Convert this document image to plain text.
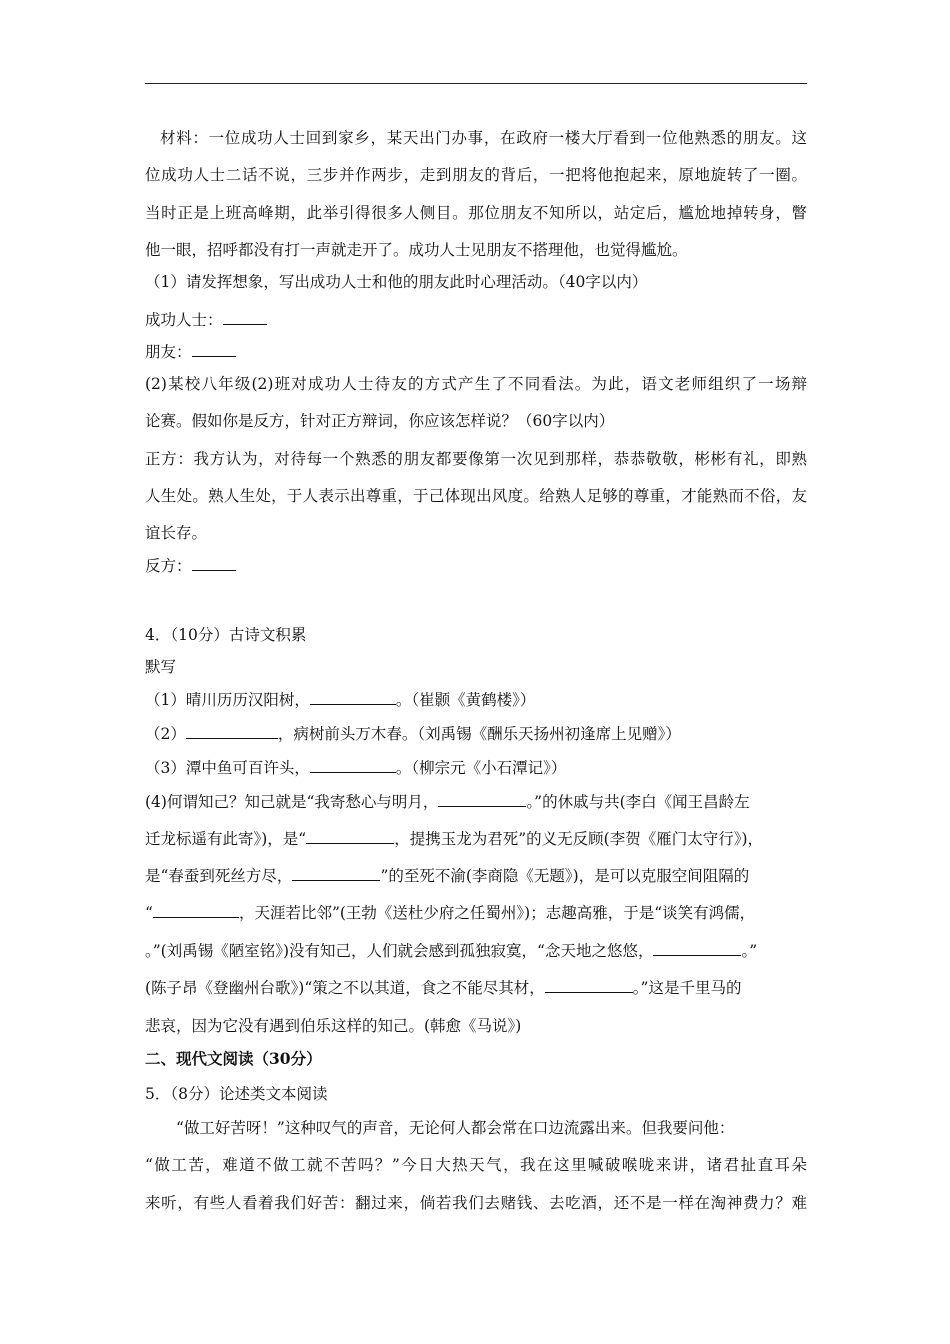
材料：一位成功人士回到家乡，某天出门办事，在政府一楼大厅看到一位他熟悉的朋友。这
位成功人士二话不说，三步并作两步，走到朋友的背后，一把将他抱起来，原地旋转了一圈。
当时正是上班高峰期，此举引得很多人侧目。那位朋友不知所以，站定后，尴尬地掉转身，瞥
他一眼，招呼都没有打一声就走开了。成功人士见朋友不搭理他，也觉得尴尬。
（1）请发挥想象，写出成功人士和他的朋友此时心理活动。（40字以内）
成功人士：
朋友：
(2)某校八年级(2)班对成功人士待友的方式产生了不同看法。为此，语文老师组织了一场辩
论赛。假如你是反方，针对正方辩词，你应该怎样说？（60字以内）
正方：我方认为，对待每一个熟悉的朋友都要像第一次见到那样，恭恭敬敬，彬彬有礼，即熟
人生处。熟人生处，于人表示出尊重，于己体现出风度。给熟人足够的尊重，才能熟而不俗，友
谊长存。
反方：
4．（10分）古诗文积累
默写
（1）晴川历历汉阳树，	。（崔颢《黄鹤楼》）
（2）	，病树前头万木春。（刘禹锡《酬乐天扬州初逢席上见赠》）
（3）潭中鱼可百许头，	。（柳宗元《小石潭记》）
(4)何谓知己？知己就是“我寄愁心与明月，	。”的休戚与共(李白《闻王昌龄左
迁龙标遥有此寄》)，是“	，提携玉龙为君死”的义无反顾(李贺《雁门太守行》)，
是“春蚕到死丝方尽，	”的至死不渝(李商隐《无题》)，是可以克服空间阻隔的
“	，天涯若比邻”(王勃《送杜少府之任蜀州》)；志趣高雅，于是“谈笑有鸿儒，
。”(刘禹锡《陋室铭》)没有知己，人们就会感到孤独寂寞，“念天地之悠悠，	。”
(陈子昂《登幽州台歌》)“策之不以其道，食之不能尽其材，	。”这是千里马的
悲哀，因为它没有遇到伯乐这样的知己。(韩愈《马说》)
二、现代文阅读（30分）
5．（8分）论述类文本阅读
“做工好苦呀！”这种叹气的声音，无论何人都会常在口边流露出来。但我要问他：
“做工苦，难道不做工就不苦吗？”今日大热天气，我在这里喊破喉咙来讲，诸君扯直耳朵
来听，有些人看着我们好苦：翻过来，倘若我们去赌钱、去吃酒，还不是一样在淘神费力？难
